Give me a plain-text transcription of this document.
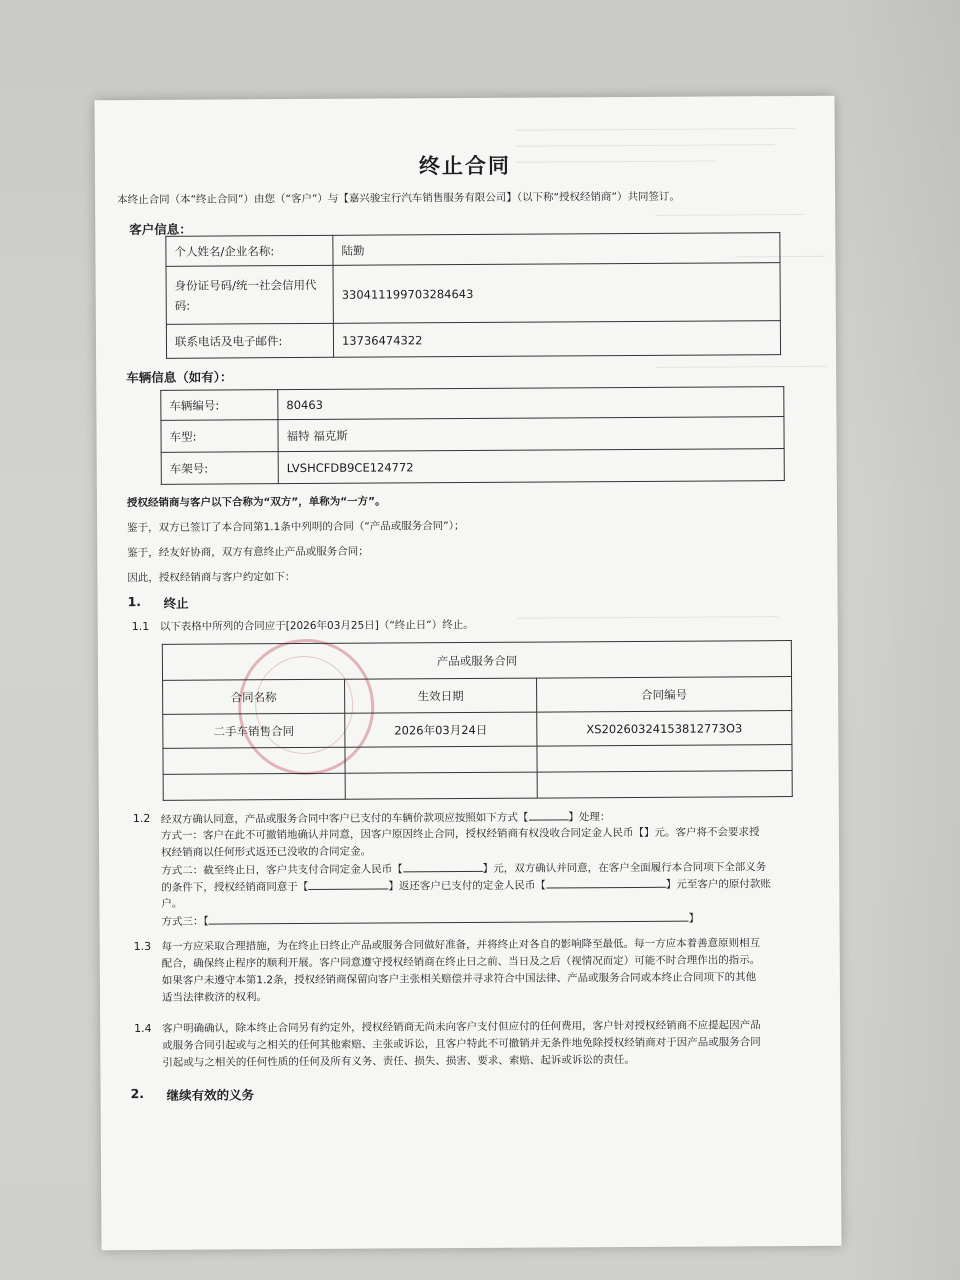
终止合同
本终止合同（本“终止合同”）由您（“客户”）与【嘉兴骏宝行汽车销售服务有限公司】（以下称“授权经销商”）共同签订。
客户信息：
个人姓名/企业名称:	陆勤
身份证号码/统一社会信用代码:	330411199703284643
联系电话及电子邮件:	13736474322
车辆信息（如有）：
车辆编号:	80463
车型:	福特 福克斯
车架号:	LVSHCFDB9CE124772
授权经销商与客户以下合称为“双方”，单称为“一方”。
鉴于，双方已签订了本合同第1.1条中列明的合同（“产品或服务合同”）；
鉴于，经友好协商，双方有意终止产品或服务合同；
因此，授权经销商与客户约定如下：
1. 终止
1.1 以下表格中所列的合同应于[2026年03月25日]（“终止日”）终止。
产品或服务合同		
合同名称	生效日期	合同编号
二手车销售合同	2026年03月24日	XS20260324153812773O3

1.2 经双方确认同意，产品或服务合同中客户已支付的车辆价款项应按照如下方式【	】处理：
方式一：客户在此不可撤销地确认并同意，因客户原因终止合同，授权经销商有权没收合同定金人民币【】元。客户将不会要求授
权经销商以任何形式返还已没收的合同定金。
方式二：截至终止日，客户共支付合同定金人民币【	】元，双方确认并同意，在客户全面履行本合同项下全部义务
的条件下，授权经销商同意于【	】返还客户已支付的定金人民币【	】元至客户的原付款账
户。
方式三：【	】
1.3 每一方应采取合理措施，为在终止日终止产品或服务合同做好准备，并将终止对各自的影响降至最低。每一方应本着善意原则相互
配合，确保终止程序的顺利开展。客户同意遵守授权经销商在终止日之前、当日及之后（视情况而定）可能不时合理作出的指示。
如果客户未遵守本第1.2条，授权经销商保留向客户主张相关赔偿并寻求符合中国法律、产品或服务合同或本终止合同项下的其他
适当法律救济的权利。
1.4 客户明确确认，除本终止合同另有约定外，授权经销商无尚未向客户支付但应付的任何费用，客户针对授权经销商不应提起因产品
或服务合同引起或与之相关的任何其他索赔、主张或诉讼，且客户特此不可撤销并无条件地免除授权经销商对于因产品或服务合同
引起或与之相关的任何性质的任何及所有义务、责任、损失、损害、要求、索赔、起诉或诉讼的责任。
2. 继续有效的义务
